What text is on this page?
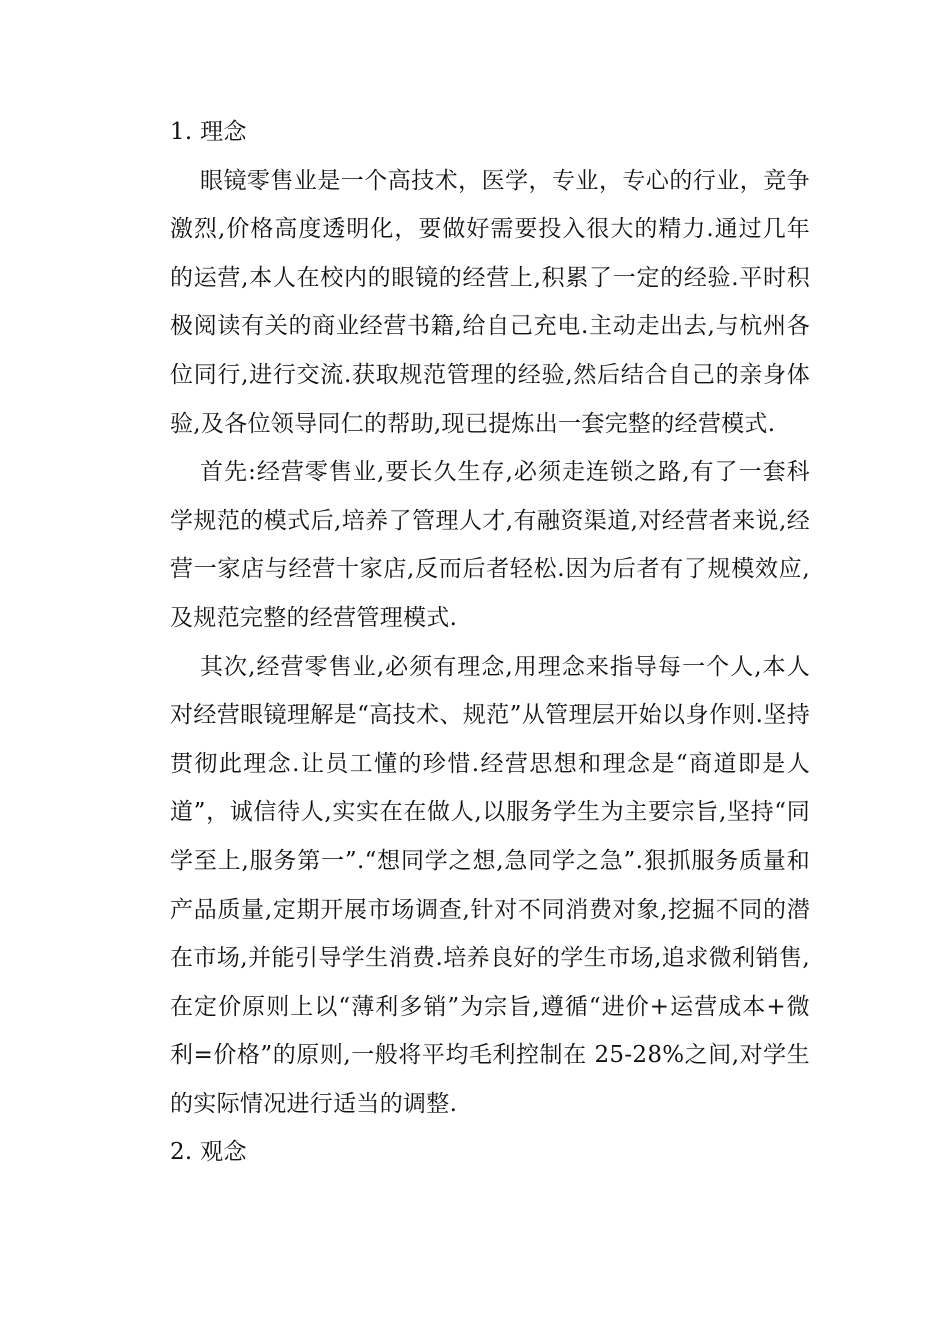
1. 理念

眼镜零售业是一个高技术，医学，专业，专心的行业，竞争激烈,价格高度透明化，要做好需要投入很大的精力.通过几年的运营,本人在校内的眼镜的经营上,积累了一定的经验.平时积极阅读有关的商业经营书籍,给自己充电.主动走出去,与杭州各位同行,进行交流.获取规范管理的经验,然后结合自己的亲身体验,及各位领导同仁的帮助,现已提炼出一套完整的经营模式.

首先:经营零售业,要长久生存,必须走连锁之路,有了一套科学规范的模式后,培养了管理人才,有融资渠道,对经营者来说,经营一家店与经营十家店,反而后者轻松.因为后者有了规模效应,及规范完整的经营管理模式.

其次,经营零售业,必须有理念,用理念来指导每一个人,本人对经营眼镜理解是“高技术、规范”从管理层开始以身作则.坚持贯彻此理念.让员工懂的珍惜.经营思想和理念是“商道即是人道”，诚信待人,实实在在做人,以服务学生为主要宗旨,坚持“同学至上,服务第一”.“想同学之想,急同学之急”.狠抓服务质量和产品质量,定期开展市场调查,针对不同消费对象,挖掘不同的潜在市场,并能引导学生消费.培养良好的学生市场,追求微利销售,在定价原则上以“薄利多销”为宗旨,遵循“进价+运营成本+微利=价格”的原则,一般将平均毛利控制在 25-28%之间,对学生的实际情况进行适当的调整.

2. 观念
